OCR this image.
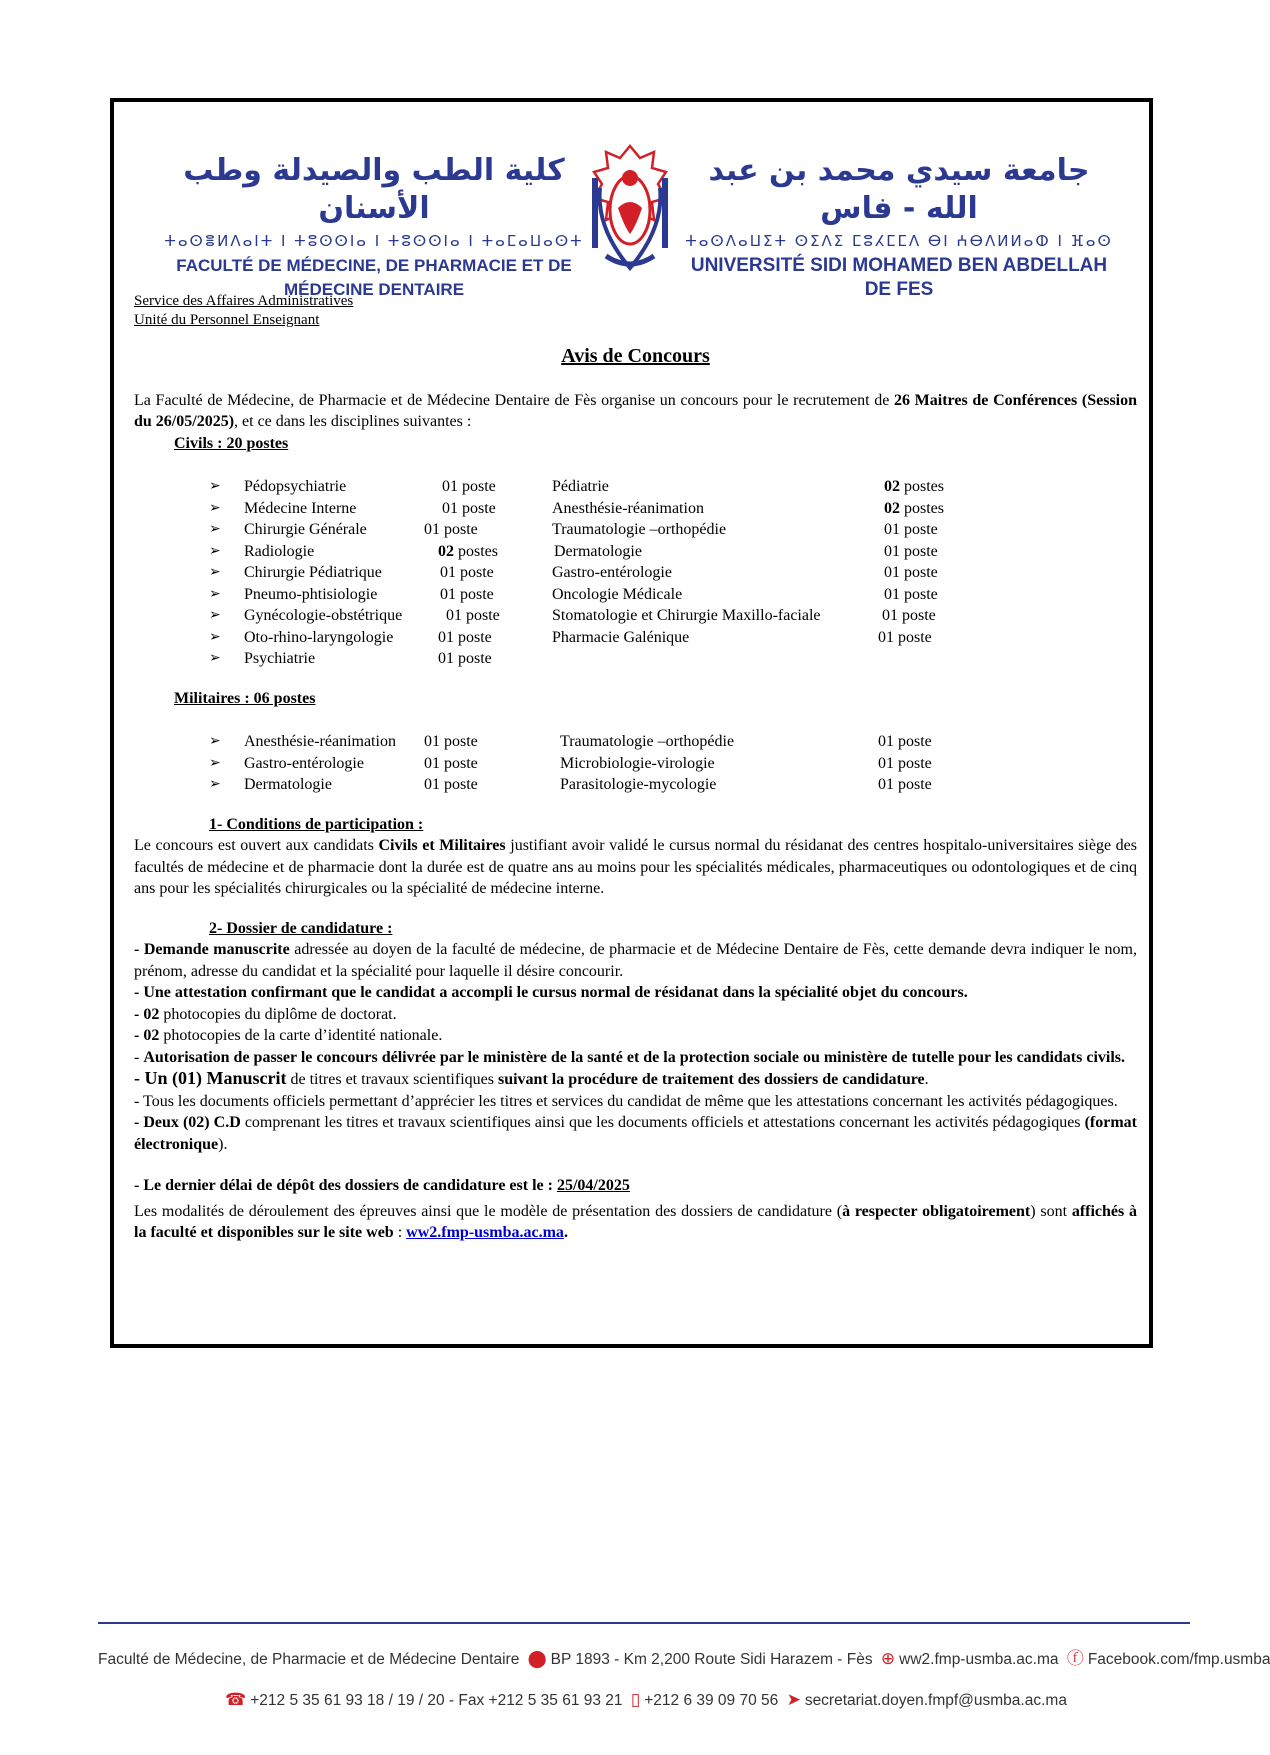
كلية الطب والصيدلة وطب الأسنان
ⵜⴰⵙⴻⵍⴷⴰⵏⵜ ⵏ ⵜⵓⵙⵙⵏⴰ ⵏ ⵜⵓⵙⵙⵏⴰ ⵏ ⵜⴰⵎⴰⵡⴰⵙⵜ
FACULTÉ DE MÉDECINE, DE PHARMACIE ET DE MÉDECINE DENTAIRE
جامعة سيدي محمد بن عبد الله - فاس
ⵜⴰⵙⴷⴰⵡⵉⵜ ⵙⵉⴷⵉ ⵎⵓⵃⵎⵎⴷ ⴱⵏ ⵄⴱⴷⵍⵍⴰⵀ ⵏ ⴼⴰⵙ
UNIVERSITÉ SIDI MOHAMED BEN ABDELLAH DE FES
Service des Affaires Administratives
Unité du Personnel Enseignant
Avis de Concours
La Faculté de Médecine, de Pharmacie et de Médecine Dentaire de Fès organise un concours pour le recrutement de 26 Maitres de Conférences (Session du 26/05/2025), et ce dans les disciplines suivantes :
Civils : 20 postes
➢ Pédopsychiatrie	01 poste	Pédiatrie	02 postes
➢ Médecine Interne	01 poste	Anesthésie-réanimation	02 postes
➢ Chirurgie Générale	01 poste	Traumatologie –orthopédie	01 poste
➢ Radiologie	02 postes	Dermatologie	01 poste
➢ Chirurgie Pédiatrique	01 poste	Gastro-entérologie	01 poste
➢ Pneumo-phtisiologie	01 poste	Oncologie Médicale	01 poste
➢ Gynécologie-obstétrique	01 poste	Stomatologie et Chirurgie Maxillo-faciale	01 poste
➢ Oto-rhino-laryngologie	01 poste	Pharmacie Galénique	01 poste
➢ Psychiatrie	01 poste
Militaires : 06 postes
➢ Anesthésie-réanimation 01 poste	Traumatologie –orthopédie	01 poste
➢ Gastro-entérologie	01 poste	Microbiologie-virologie	01 poste
➢ Dermatologie	01 poste	Parasitologie-mycologie	01 poste
1- Conditions de participation :
Le concours est ouvert aux candidats Civils et Militaires justifiant avoir validé le cursus normal du résidanat des centres hospitalo-universitaires siège des facultés de médecine et de pharmacie dont la durée est de quatre ans au moins pour les spécialités médicales, pharmaceutiques ou odontologiques et de cinq ans pour les spécialités chirurgicales ou la spécialité de médecine interne.
2- Dossier de candidature :
- Demande manuscrite adressée au doyen de la faculté de médecine, de pharmacie et de Médecine Dentaire de Fès, cette demande devra indiquer le nom, prénom, adresse du candidat et la spécialité pour laquelle il désire concourir.
- Une attestation confirmant que le candidat a accompli le cursus normal de résidanat dans la spécialité objet du concours.
- 02 photocopies du diplôme de doctorat.
- 02 photocopies de la carte d’identité nationale.
- Autorisation de passer le concours délivrée par le ministère de la santé et de la protection sociale ou ministère de tutelle pour les candidats civils.
- Un (01) Manuscrit de titres et travaux scientifiques suivant la procédure de traitement des dossiers de candidature.
- Tous les documents officiels permettant d’apprécier les titres et services du candidat de même que les attestations concernant les activités pédagogiques.
- Deux (02) C.D comprenant les titres et travaux scientifiques ainsi que les documents officiels et attestations concernant les activités pédagogiques (format électronique).
- Le dernier délai de dépôt des dossiers de candidature est le : 25/04/2025
Les modalités de déroulement des épreuves ainsi que le modèle de présentation des dossiers de candidature (à respecter obligatoirement) sont affichés à la faculté et disponibles sur le site web : ww2.fmp-usmba.ac.ma.
Faculté de Médecine, de Pharmacie et de Médecine Dentaire ⬤ BP 1893 - Km 2,200 Route Sidi Harazem - Fès ⊕ ww2.fmp-usmba.ac.ma ⓕ Facebook.com/fmp.usmba
☎ +212 5 35 61 93 18 / 19 / 20 - Fax +212 5 35 61 93 21 ▯ +212 6 39 09 70 56 ➤ secretariat.doyen.fmpf@usmba.ac.ma
